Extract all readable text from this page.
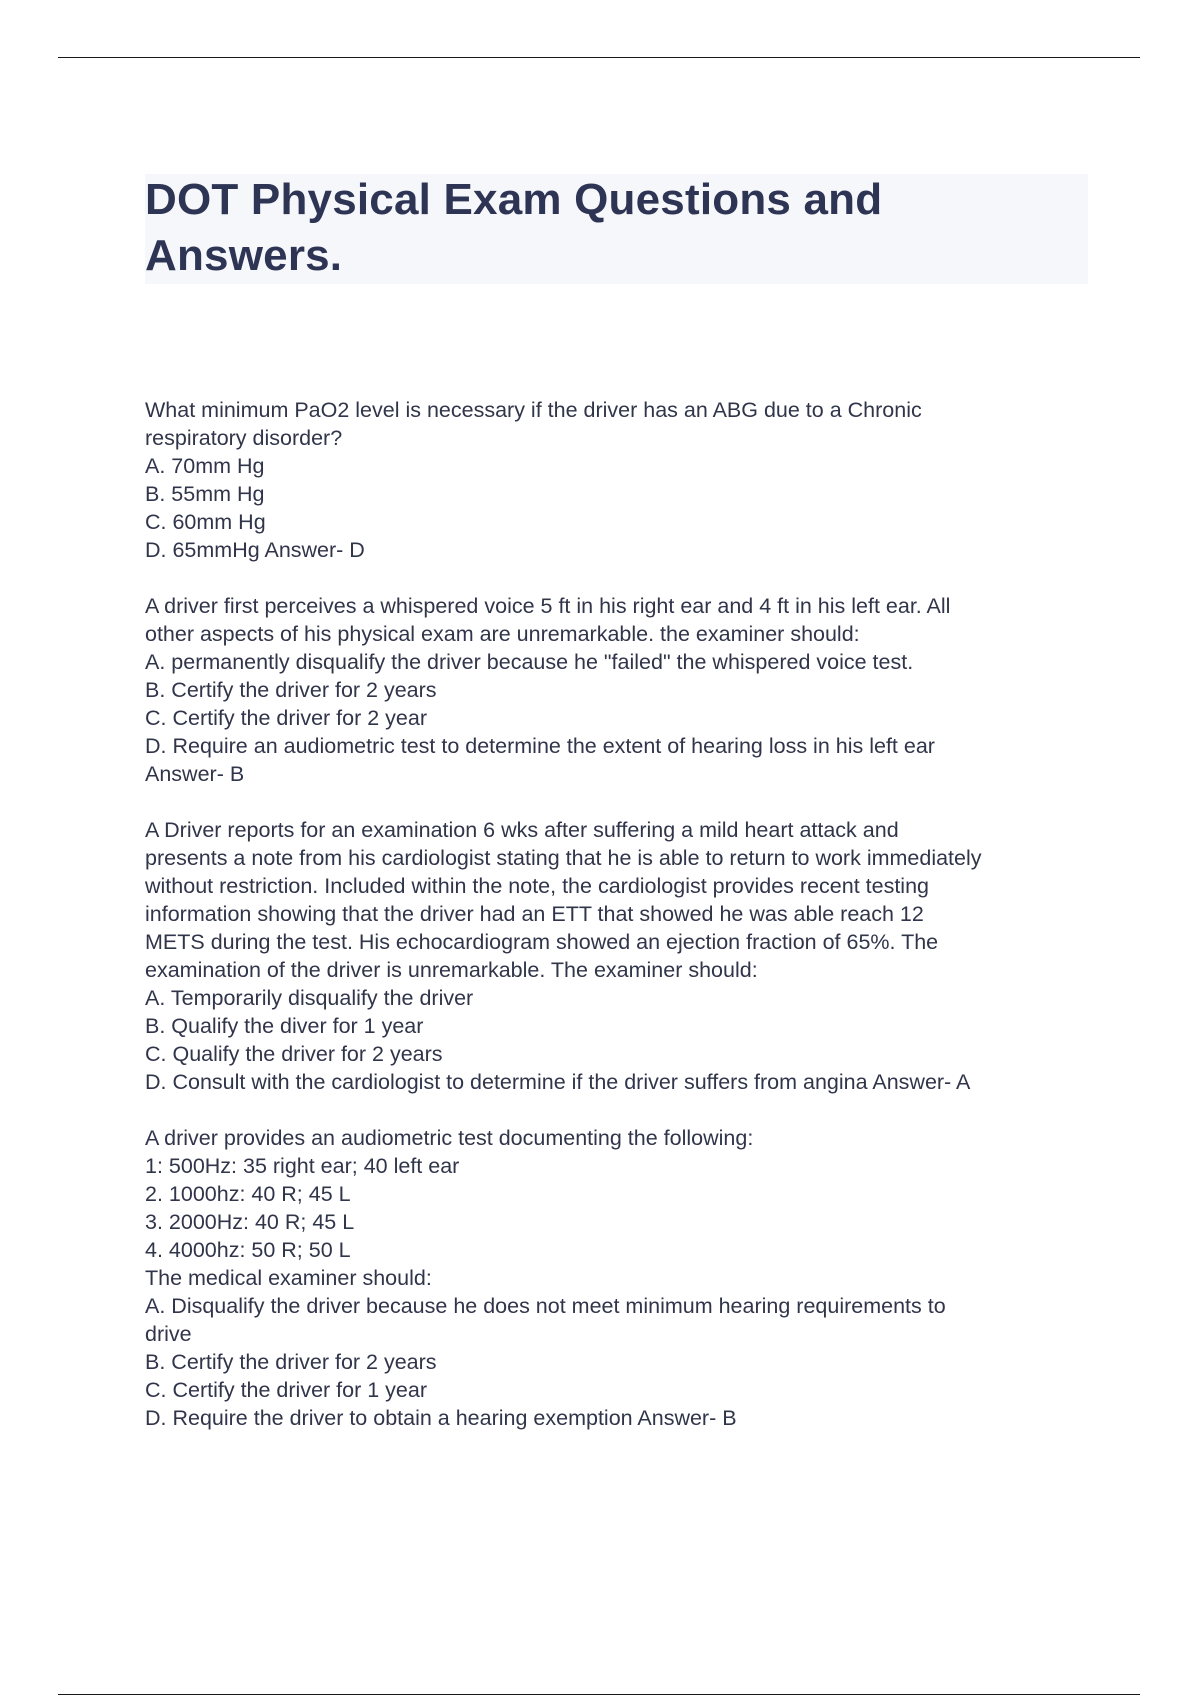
DOT Physical Exam Questions and
Answers.
What minimum PaO2 level is necessary if the driver has an ABG due to a Chronic
respiratory disorder?
A. 70mm Hg
B. 55mm Hg
C. 60mm Hg
D. 65mmHg Answer- D
A driver first perceives a whispered voice 5 ft in his right ear and 4 ft in his left ear. All
other aspects of his physical exam are unremarkable. the examiner should:
A. permanently disqualify the driver because he "failed" the whispered voice test.
B. Certify the driver for 2 years
C. Certify the driver for 2 year
D. Require an audiometric test to determine the extent of hearing loss in his left ear
Answer- B
A Driver reports for an examination 6 wks after suffering a mild heart attack and
presents a note from his cardiologist stating that he is able to return to work immediately
without restriction. Included within the note, the cardiologist provides recent testing
information showing that the driver had an ETT that showed he was able reach 12
METS during the test. His echocardiogram showed an ejection fraction of 65%. The
examination of the driver is unremarkable. The examiner should:
A. Temporarily disqualify the driver
B. Qualify the diver for 1 year
C. Qualify the driver for 2 years
D. Consult with the cardiologist to determine if the driver suffers from angina Answer- A
A driver provides an audiometric test documenting the following:
1: 500Hz: 35 right ear; 40 left ear
2. 1000hz: 40 R; 45 L
3. 2000Hz: 40 R; 45 L
4. 4000hz: 50 R; 50 L
The medical examiner should:
A. Disqualify the driver because he does not meet minimum hearing requirements to
drive
B. Certify the driver for 2 years
C. Certify the driver for 1 year
D. Require the driver to obtain a hearing exemption Answer- B
